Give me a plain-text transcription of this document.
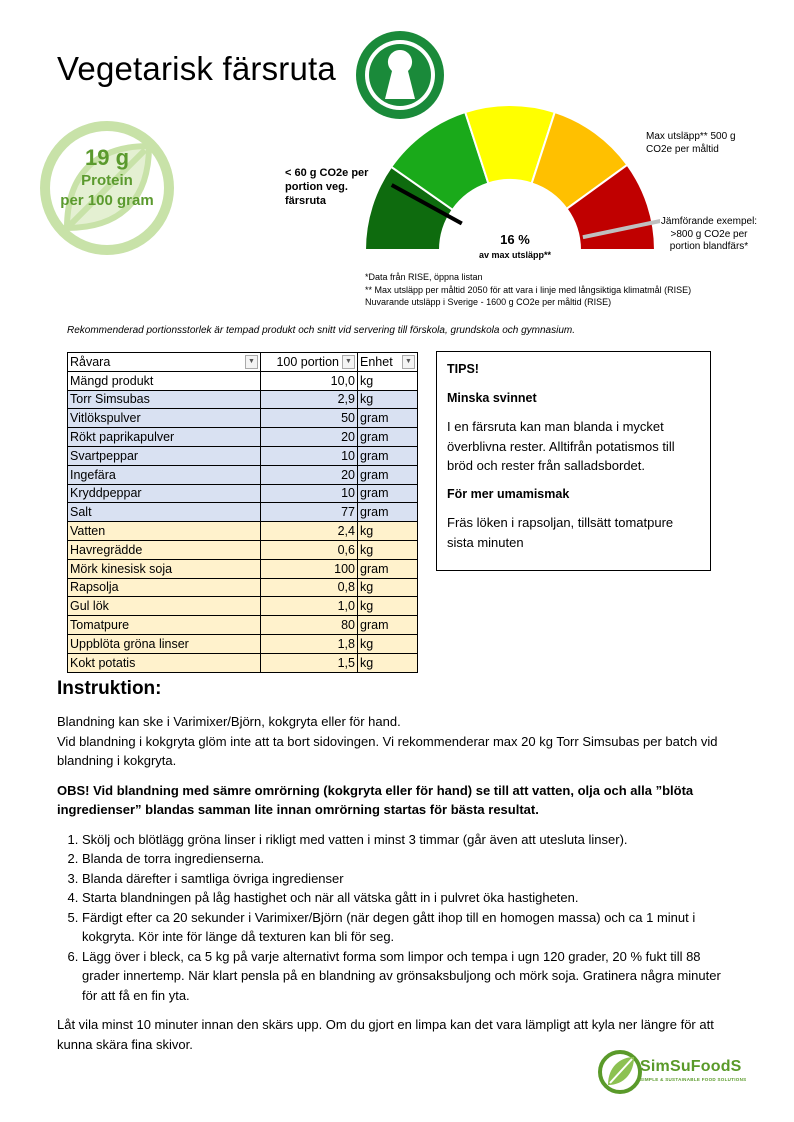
Vegetarisk färsruta
19 g
Protein
per 100 gram
< 60 g CO2e per portion veg. färsruta
Max utsläpp** 500 g CO2e per måltid
Jämförande exempel: >800 g CO2e per portion blandfärs*
16 %
av max utsläpp**
*Data från RISE, öppna listan
** Max utsläpp per måltid 2050 för att vara i linje med långsiktiga klimatmål (RISE)
Nuvarande utsläpp i Sverige - 1600 g CO2e per måltid (RISE)
Rekommenderad portionsstorlek är tempad produkt och snitt vid servering till förskola, grundskola och gymnasium.
Råvara ▼	100 portion ▼	Enhet ▼

Mängd produkt	10,0	kg
Torr Simsubas	2,9	kg
Vitlökspulver	50	gram
Rökt paprikapulver	20	gram
Svartpeppar	10	gram
Ingefära	20	gram
Kryddpeppar	10	gram
Salt	77	gram
Vatten	2,4	kg
Havregrädde	0,6	kg
Mörk kinesisk soja	100	gram
Rapsolja	0,8	kg
Gul lök	1,0	kg
Tomatpure	80	gram
Uppblöta gröna linser	1,8	kg
Kokt potatis	1,5	kg

TIPS!

Minska svinnet

I en färsruta kan man blanda i mycket överblivna rester. Alltifrån potatismos till bröd och rester från salladsbordet.

För mer umamismak

Fräs löken i rapsoljan, tillsätt tomatpure sista minuten

Instruktion:

Blandning kan ske i Varimixer/Björn, kokgryta eller för hand.
Vid blandning i kokgryta glöm inte att ta bort sidovingen. Vi rekommenderar max 20 kg Torr Simsubas per batch vid blandning i kokgryta.

OBS! Vid blandning med sämre omrörning (kokgryta eller för hand) se till att vatten, olja och alla ”blöta ingredienser” blandas samman lite innan omrörning startas för bästa resultat.

1. Skölj och blötlägg gröna linser i rikligt med vatten i minst 3 timmar (går även att utesluta linser).
2. Blanda de torra ingredienserna.
3. Blanda därefter i samtliga övriga ingredienser
4. Starta blandningen på låg hastighet och när all vätska gått in i pulvret öka hastigheten.
5. Färdigt efter ca 20 sekunder i Varimixer/Björn (när degen gått ihop till en homogen massa) och ca 1 minut i kokgryta. Kör inte för länge då texturen kan bli för seg.
6. Lägg över i bleck, ca 5 kg på varje alternativt forma som limpor och tempa i ugn 120 grader, 20 % fukt till 88 grader innertemp. När klart pensla på en blandning av grönsaksbuljong och mörk soja. Gratinera några minuter för att få en fin yta.

Låt vila minst 10 minuter innan den skärs upp. Om du gjort en limpa kan det vara lämpligt att kyla ner längre för att kunna skära fina skivor.

SimSuFoodS
SIMPLE & SUSTAINABLE FOOD SOLUTIONS
